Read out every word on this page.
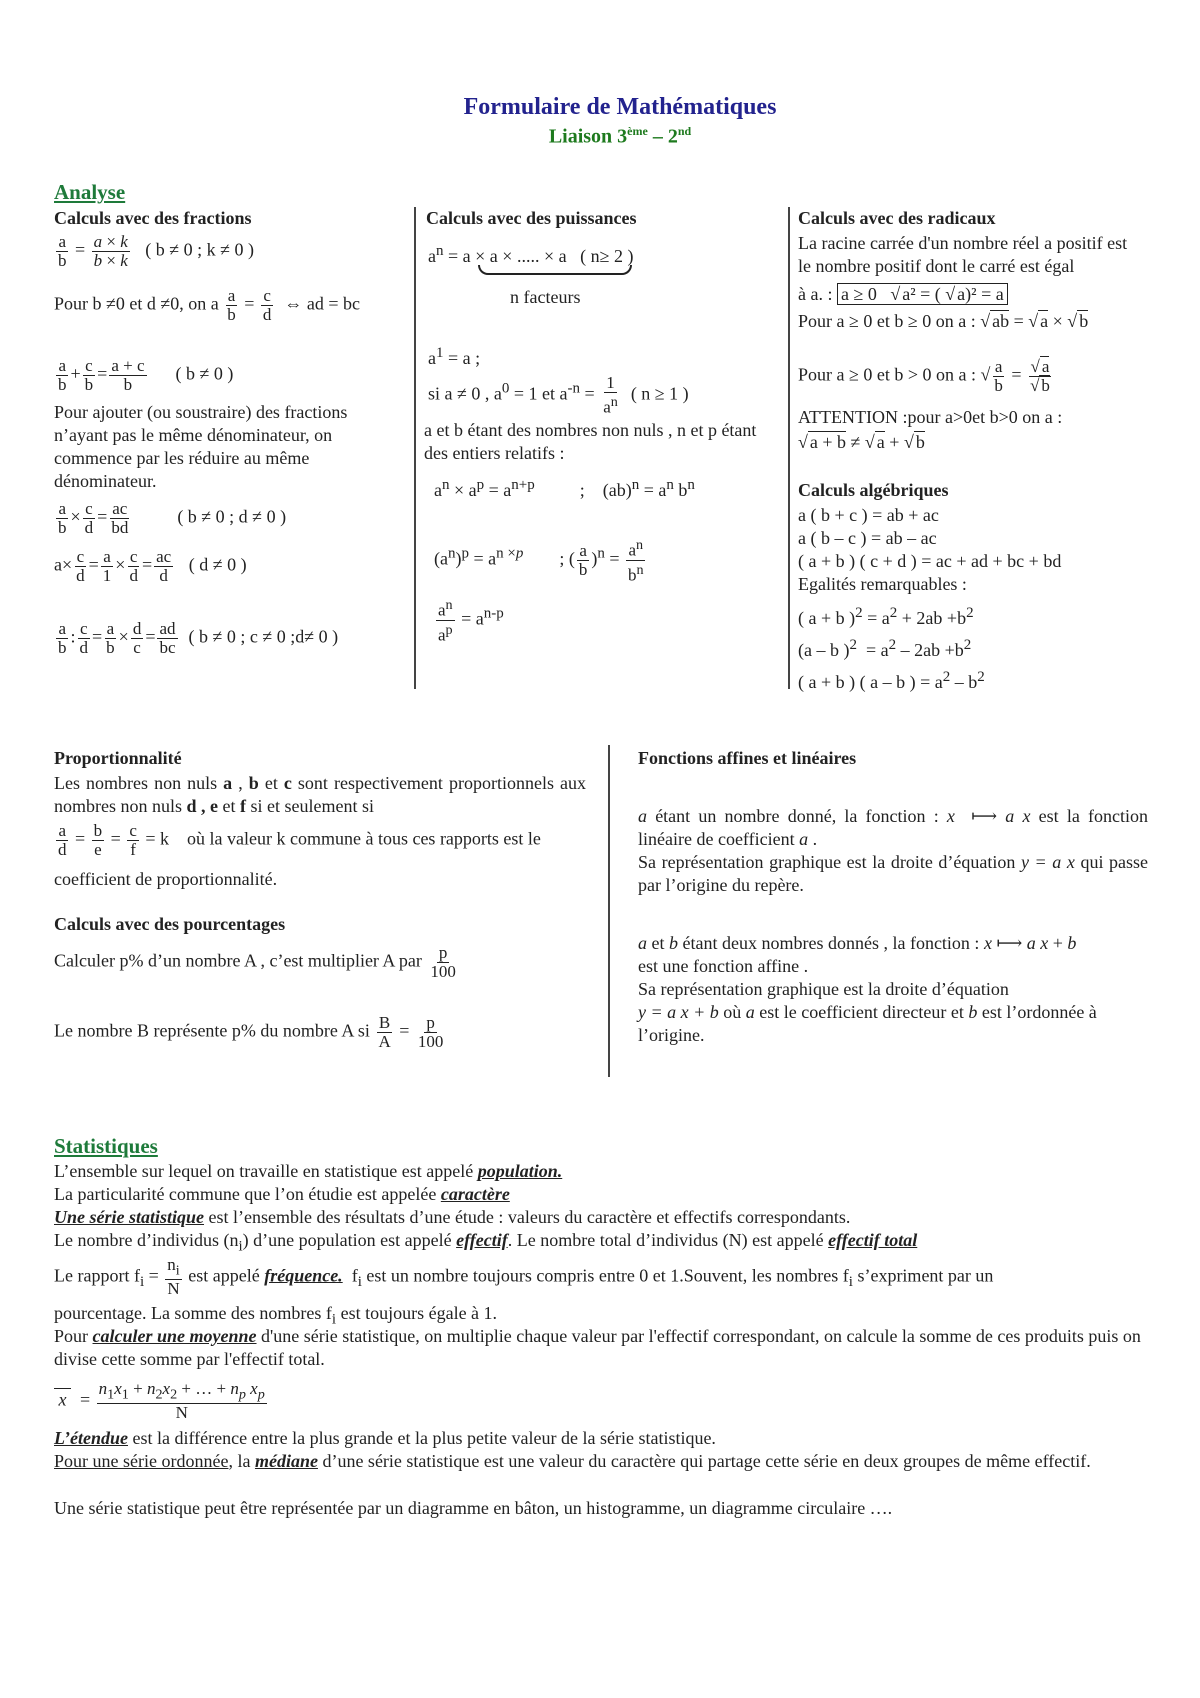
Formulaire de Mathématiques
Liaison 3ème – 2nd
Analyse
Calculs avec des fractions
$\frac{a}{b} = \frac{a \times k}{b \times k}$ ( b ≠ 0 ; k ≠ 0 )
Pour b ≠0 et d ≠0, on a $\frac{a}{b} = \frac{c}{d}$ ⇔ ad = bc
$\frac{a}{b} + \frac{c}{b} = \frac{a + c}{b}$ ( b ≠ 0 )
Pour ajouter (ou soustraire) des fractions n’ayant pas le même dénominateur, on commence par les réduire au même dénominateur.
$\frac{a}{b} \times \frac{c}{d} = \frac{ac}{bd}$	( b ≠ 0 ; d ≠ 0 )
$a\times \frac{c}{d} = \frac{a}{1} \times \frac{c}{d} = \frac{ac}{d}$ ( d ≠ 0 )
$\frac{a}{b}$ : $\frac{c}{d} = \frac{a}{b} \times \frac{d}{c} = \frac{ad}{bc}$ ( b ≠ 0 ; c ≠ 0 ;d≠ 0 )
Calculs avec des puissances
$a^n = a \times a$ × ..... × a ( n≥ 2 )
n facteurs
$a^1 = a$ ;
si a ≠ 0 , $a^0 = 1$ et $a^{-n} = \frac{1}{a^n}$ ( n ≥ 1 )
a et b étant des nombres non nuls , n et p étant des entiers relatifs :
$a^n \times a^p = a^{n+p}$          ;    $(ab)^n = a^n$ $b^n$
$(a^n)^p = a^{n \times p}$        ; ( $\frac{a}{b} )^n = \frac{a^n}{b^n}$
$\frac{a^n}{a^p} = a^{n-p}$
Calculs avec des radicaux
La racine carrée d'un nombre réel a positif est le nombre positif dont le carré est égal
à a. : a ≥ 0   √ a² = ( √ a)² = a
Pour a ≥ 0 et b ≥ 0 on a : √ ab = √ a × √ b
Pour a ≥ 0 et b > 0 on a : √ $\frac{a}{b} = \frac{√ a}{√ b}$
ATTENTION :pour a>0et b>0 on a :
√ a + b ≠ √ a + √ b
Calculs algébriques
a ( b + c ) = ab + ac
a ( b – c ) = ab – ac
( a + b ) ( c + d ) = ac + ad + bc + bd
Egalités remarquables :
( a + b )$^2 = a^2 + 2ab +b^2$
(a – b )$^2 = a^2 - 2ab +b^2$
( a + b ) ( a – b ) = $a^2 - b^2$
Proportionnalité
Les nombres non nuls a , b et c sont respectivement proportionnels aux nombres non nuls d , e et f si et seulement si
$\frac{a}{d} = \frac{b}{e} = \frac{c}{f} = k$    où la valeur k commune à tous ces rapports est le
coefficient de proportionnalité.
Calculs avec des pourcentages
Calculer p% d’un nombre A , c’est multiplier A par $\frac{p}{100}$
Le nombre B représente p% du nombre A si $\frac{B}{A} = \frac{p}{100}$
Fonctions affines et linéaires
a étant un nombre donné, la fonction : x  ⟼ a x est la fonction linéaire de coefficient a .
Sa représentation graphique est la droite d’équation y = a x qui passe par l’origine du repère.
a et b étant deux nombres donnés , la fonction : x ⟼ a x + b
est une fonction affine .
Sa représentation graphique est la droite d’équation
y = a x + b où a est le coefficient directeur et b est l’ordonnée à l’origine.
Statistiques
L’ensemble sur lequel on travaille en statistique est appelé population.
La particularité commune que l’on étudie est appelée caractère
Une série statistique est l’ensemble des résultats d’une étude : valeurs du caractère et effectifs correspondants.
Le nombre d’individus $(n_i)$ d’une population est appelé effectif. Le nombre total d’individus (N) est appelé effectif total
Le rapport $f_i = \frac{n_i}{N}$ est appelé fréquence.  $f_i$ est un nombre toujours compris entre 0 et 1.Souvent, les nombres $f_i$ s’expriment par un
pourcentage. La somme des nombres $f_i$ est toujours égale à 1.
Pour calculer une moyenne d'une série statistique, on multiplie chaque valeur par l'effectif correspondant, on calcule la somme de ces produits puis on divise cette somme par l'effectif total.
$x = \frac{n_1x_1 + n_2x_2 + \dots + n_p x_p}{N}$
L’étendue est la différence entre la plus grande et la plus petite valeur de la série statistique.
Pour une série ordonnée, la médiane d’une série statistique est une valeur du caractère qui partage cette série en deux groupes de même effectif.
Une série statistique peut être représentée par un diagramme en bâton, un histogramme, un diagramme circulaire ….
